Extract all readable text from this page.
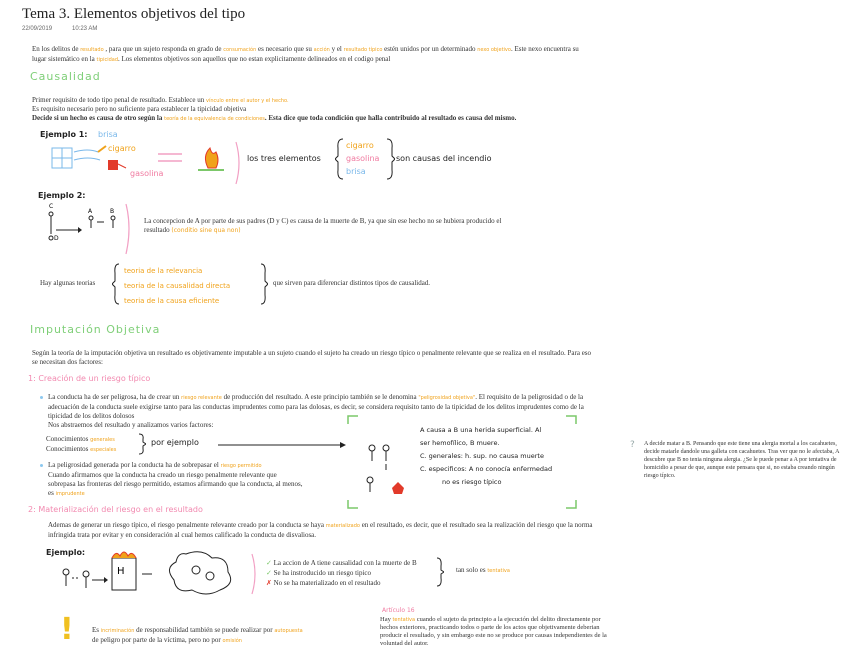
Tema 3. Elementos objetivos del tipo
22/09/2019	10:23 AM
En los delitos de resultado , para que un sujeto responda en grado de consumación es necesario que su acción y el resultado típico estén unidos por un determinado nexo objetivo. Este nexo encuentra su lugar sistemático en la tipicidad. Los elementos objetivos son aquellos que no estan explicitamente delineados en el codigo penal
Causalidad
Primer requisito de todo tipo penal de resultado. Establece un vínculo entre el autor y el hecho.
Es requisito necesario pero no suficiente para establecer la tipicidad objetiva
Decide si un hecho es causa de otro según la teoría de la equivalencia de condiciones. Esta dice que toda condición que halla contribuido al resultado es causa del mismo.
Ejemplo 1: brisa
cigarro
gasolina
los tres elementos
cigarro
gasolina
brisa
son causas del incendio
Ejemplo 2:
C
D
A	B
La concepcion de A por parte de sus padres (D y C) es causa de la muerte de B, ya que sin ese hecho no se hubiera producido el resultado (conditio sine qua non)
Hay algunas teorias
teoria de la relevancia
teoria de la causalidad directa
teoria de la causa eficiente
que sirven para diferenciar distintos tipos de causalidad.
Imputación Objetiva
Según la teoría de la imputación objetiva un resultado es objetivamente imputable a un sujeto cuando el sujeto ha creado un riesgo típico o penalmente relevante que se realiza en el resultado. Para eso se necesitan dos factores:
1: Creación de un riesgo típico
La conducta ha de ser peligrosa, ha de crear un riesgo relevante de producción del resultado. A este principio también se le denomina "peligrosidad objetiva". El requisito de la peligrosidad o de la adecuación de la conducta suele exigirse tanto para las conductas imprudentes como para las dolosas, es decir, se considera requisito tanto de la tipicidad de los delitos imprudentes como de la tipicidad de los delitos dolosos
Nos abstraemos del resultado y analizamos varios factores:
Conocimientos generales
Conocimientos especiales
por ejemplo
La peligrosidad generada por la conducta ha de sobrepasar el riesgo permitido
Cuando afirmamos que la conducta ha creado un riesgo penalmente relevante que sobrepasa las fronteras del riesgo permitido, estamos afirmando que la conducta, al menos, es imprudente
A causa a B una herida superficial. Al
ser hemofílico, B muere.
C. generales: h. sup. no causa muerte
C. especificos: A no conocía enfermedad
no es riesgo típico
? A decide matar a B. Pensando que este tiene una alergia mortal a los cacahuetes, decide matarle dandole una galleta con cacahuetes. Tras ver que no le afectaba, A descubre que B no tenia ninguna alergia. ¿Se le puede penar a A por tentativa de homicidio a pesar de que, aunque este pensara que si, no estaba creando ningún riesgo típico.
2: Materialización del riesgo en el resultado
Ademas de generar un riesgo típico, el riesgo penalmente relevante creado por la conducta se haya materializado en el resultado, es decir, que el resultado sea la realización del riesgo que la norma infringida trata por evitar y en consideración al cual hemos calificado la conducta de disvaliosa.
Ejemplo:
H
✓ La accion de A tiene causalidad con la muerte de B
✓ Se ha instroducido un riesgo tipico
✗ No se ha materializado en el resultado
tan solo es tentativa
!	Es incriminación de responsabilidad también se puede realizar por autopuesta
de peligro por parte de la víctima, pero no por omisión
Artículo 16
Hay tentativa cuando el sujeto da principio a la ejecución del delito directamente por hechos exteriores, practicando todos o parte de los actos que objetivamente deberian producir el resultado, y sin embargo este no se produce por causas independientes de la voluntad del autor.
